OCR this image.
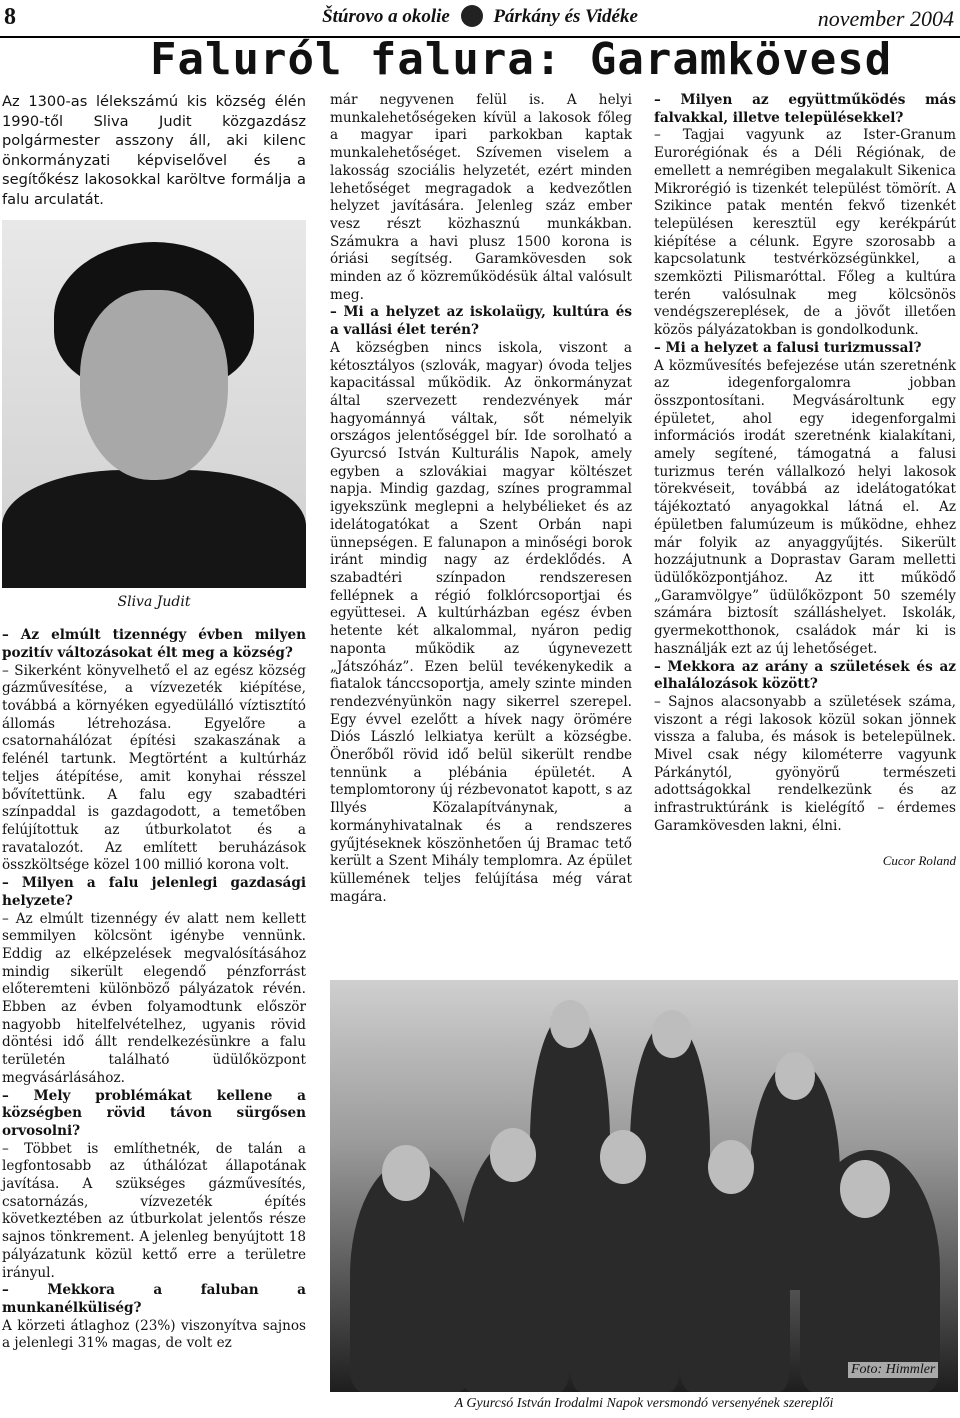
8	Štúrovo a okolie Párkány és Vidéke	november 2004
Faluról falura: Garamkövesd

Az 1300-as lélekszámú kis község élén 1990-től Sliva Judit közgazdász polgármester asszony áll, aki kilenc önkormányzati képviselővel és a segítőkész lakosokkal karöltve formálja a falu arculatát.

Sliva Judit

– Az elmúlt tizennégy évben milyen pozitív változásokat élt meg a község?

– Sikerként könyvelhető el az egész község gázművesítése, a vízvezeték kiépítése, továbbá a környéken egyedülálló víztisztító állomás létrehozása. Egyelőre a csatornahálózat építési szakaszának a felénél tartunk. Megtörtént a kultúrház teljes átépítése, amit konyhai résszel bővítettünk. A falu egy szabadtéri színpaddal is gazdagodott, a temetőben felújítottuk az útburkolatot és a ravatalozót. Az említett beruházások összköltsége közel 100 millió korona volt.

– Milyen a falu jelenlegi gazdasági helyzete?

– Az elmúlt tizennégy év alatt nem kellett semmilyen kölcsönt igénybe vennünk. Eddig az elképzelések megvalósításához mindig sikerült elegendő pénzforrást előteremteni különböző pályázatok révén. Ebben az évben folyamodtunk először nagyobb hitelfelvételhez, ugyanis rövid döntési idő állt rendelkezésünkre a falu területén található üdülőközpont megvásárlásához.

– Mely problémákat kellene a községben rövid távon sürgősen orvosolni?

– Többet is említhetnék, de talán a legfontosabb az úthálózat állapotának javítása. A szükséges gázművesítés, csatornázás, vízvezeték építés következtében az útburkolat jelentős része sajnos tönkrement. A jelenleg benyújtott 18 pályázatunk közül kettő erre a területre irányul.

– Mekkora a faluban a munkanélküliség?

A körzeti átlaghoz (23%) viszonyítva sajnos a jelenlegi 31% magas, de volt ez

már negyvenen felül is. A helyi munkalehetőségeken kívül a lakosok főleg a magyar ipari parkokban kaptak munkalehetőséget. Szívemen viselem a lakosság szociális helyzetét, ezért minden lehetőséget megragadok a kedvezőtlen helyzet javítására. Jelenleg száz ember vesz részt közhasznú munkákban. Számukra a havi plusz 1500 korona is óriási segítség. Garamkövesden sok minden az ő közreműködésük által valósult meg.

– Mi a helyzet az iskolaügy, kultúra és a vallási élet terén?

A községben nincs iskola, viszont a kétosztályos (szlovák, magyar) óvoda teljes kapacitással működik. Az önkormányzat által szervezett rendezvények már hagyománnyá váltak, sőt némelyik országos jelentőséggel bír. Ide sorolható a Gyurcsó István Kulturális Napok, amely egyben a szlovákiai magyar költészet napja. Mindig gazdag, színes programmal igyekszünk meglepni a helybélieket és az idelátogatókat a Szent Orbán napi ünnepségen. E falunapon a minőségi borok iránt mindig nagy az érdeklődés. A szabadtéri színpadon rendszeresen fellépnek a régió folklórcsoportjai és együttesei. A kultúrházban egész évben hetente két alkalommal, nyáron pedig naponta működik az úgynevezett „Játszóház”. Ezen belül tevékenykedik a fiatalok tánccsoportja, amely szinte minden rendezvényünkön nagy sikerrel szerepel. Egy évvel ezelőtt a hívek nagy örömére Diós László lelkiatya került a községbe. Önerőből rövid idő belül sikerült rendbe tennünk a plébánia épületét. A templomtorony új rézbevonatot kapott, s az Illyés Közalapítványnak, a kormányhivatalnak és a rendszeres gyűjtéseknek köszönhetően új Bramac tető került a Szent Mihály templomra. Az épület küllemének teljes felújítása még várat magára.

– Milyen az együttműködés más falvakkal, illetve településekkel?

– Tagjai vagyunk az Ister-Granum Eurorégiónak és a Déli Régiónak, de emellett a nemrégiben megalakult Sikenica Mikrorégió is tizenkét települést tömörít. A Szikince patak mentén fekvő tizenkét településen keresztül egy kerékpárút kiépítése a célunk. Egyre szorosabb a kapcsolatunk testvérközségünkkel, a szemközti Pilismaróttal. Főleg a kultúra terén valósulnak meg kölcsönös vendégszereplések, de a jövőt illetően közös pályázatokban is gondolkodunk.

– Mi a helyzet a falusi turizmussal?

A közművesítés befejezése után szeretnénk az idegenforgalomra jobban összpontosítani. Megvásároltunk egy épületet, ahol egy idegenforgalmi információs irodát szeretnénk kialakítani, amely segítené, támogatná a falusi turizmus terén vállalkozó helyi lakosok törekvéseit, továbbá az idelátogatókat tájékoztató anyagokkal látná el. Az épületben falumúzeum is működne, ehhez már folyik az anyaggyűjtés. Sikerült hozzájutnunk a Doprastav Garam melletti üdülőközpontjához. Az itt működő „Garamvölgye” üdülőközpont 50 személy számára biztosít szálláshelyet. Iskolák, gyermekotthonok, családok már ki is használják ezt az új lehetőséget.

– Mekkora az arány a születések és az elhalálozások között?

– Sajnos alacsonyabb a születések száma, viszont a régi lakosok közül sokan jönnek vissza a faluba, és mások is betelepülnek. Mivel csak négy kilométerre vagyunk Párkánytól, gyönyörű természeti adottságokkal rendelkezünk és az infrastruktúránk is kielégítő – érdemes Garamkövesden lakni, élni.

Cucor Roland
Foto: Himmler
A Gyurcsó István Irodalmi Napok versmondó versenyének szereplői
